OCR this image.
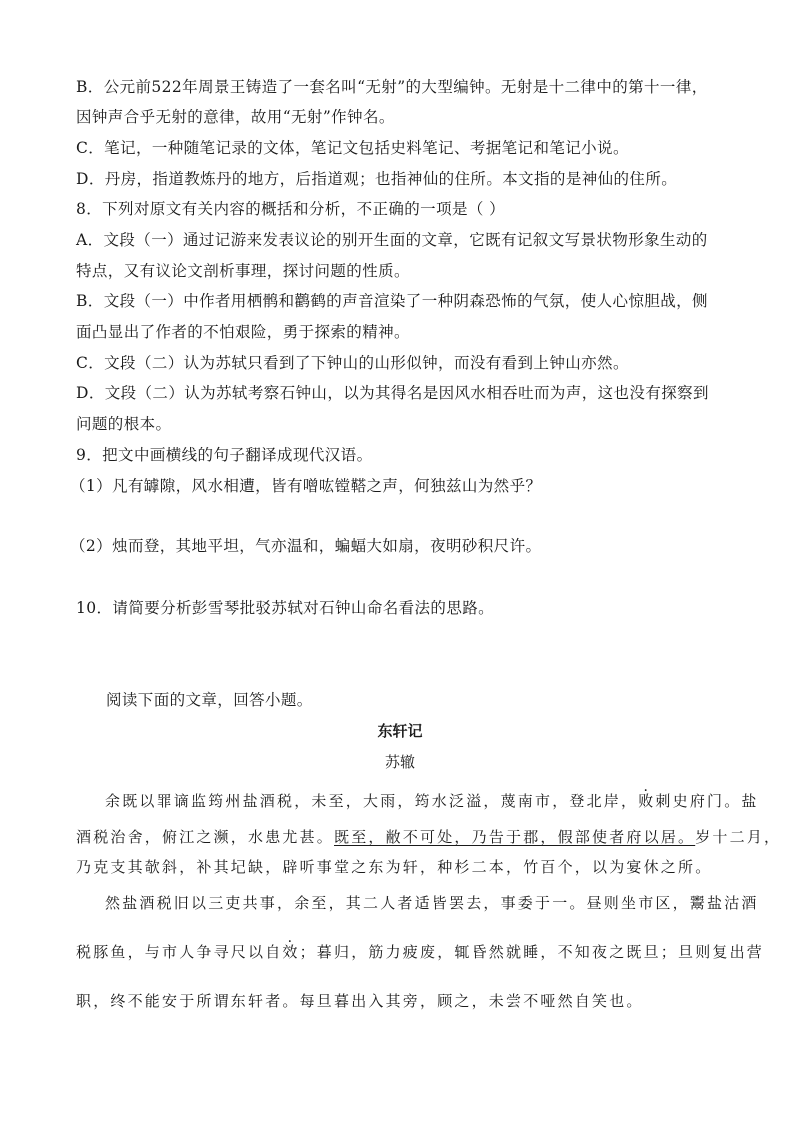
B．公元前522年周景王铸造了一套名叫“无射”的大型编钟。无射是十二律中的第十一律，
因钟声合乎无射的意律，故用“无射”作钟名。
C．笔记，一种随笔记录的文体，笔记文包括史料笔记、考据笔记和笔记小说。
D．丹房，指道教炼丹的地方，后指道观；也指神仙的住所。本文指的是神仙的住所。
8．下列对原文有关内容的概括和分析，不正确的一项是（ ）
A．文段（一）通过记游来发表议论的别开生面的文章，它既有记叙文写景状物形象生动的
特点，又有议论文剖析事理，探讨问题的性质。
B．文段（一）中作者用栖鹘和鹳鹤的声音渲染了一种阴森恐怖的气氛，使人心惊胆战，侧
面凸显出了作者的不怕艰险，勇于探索的精神。
C．文段（二）认为苏轼只看到了下钟山的山形似钟，而没有看到上钟山亦然。
D．文段（二）认为苏轼考察石钟山，以为其得名是因风水相吞吐而为声，这也没有探察到
问题的根本。
9．把文中画横线的句子翻译成现代汉语。
（1）凡有罅隙，风水相遭，皆有噌吰镗鞳之声，何独兹山为然乎？
（2）烛而登，其地平坦，气亦温和，蝙蝠大如扇，夜明砂积尺许。
10．请简要分析彭雪琴批驳苏轼对石钟山命名看法的思路。
阅读下面的文章，回答小题。
东轩记
苏辙
余既以罪谪监筠州盐酒税，未至，大雨，筠水泛溢，蔑南市，登北岸，败刺史府门。盐
酒税治舍，俯江之濒，水患尤甚。既至，敝不可处，乃告于郡，假部使者府以居。岁十二月，
乃克支其欹斜，补其圮缺，辟听事堂之东为轩，种杉二本，竹百个，以为宴休之所。
然盐酒税旧以三吏共事，余至，其二人者适皆罢去，事委于一。昼则坐市区，鬻盐沽酒
税豚鱼，与市人争寻尺以自效；暮归，筋力疲废，辄昏然就睡，不知夜之既旦；旦则复出营
职，终不能安于所谓东轩者。每旦暮出入其旁，顾之，未尝不哑然自笑也。
